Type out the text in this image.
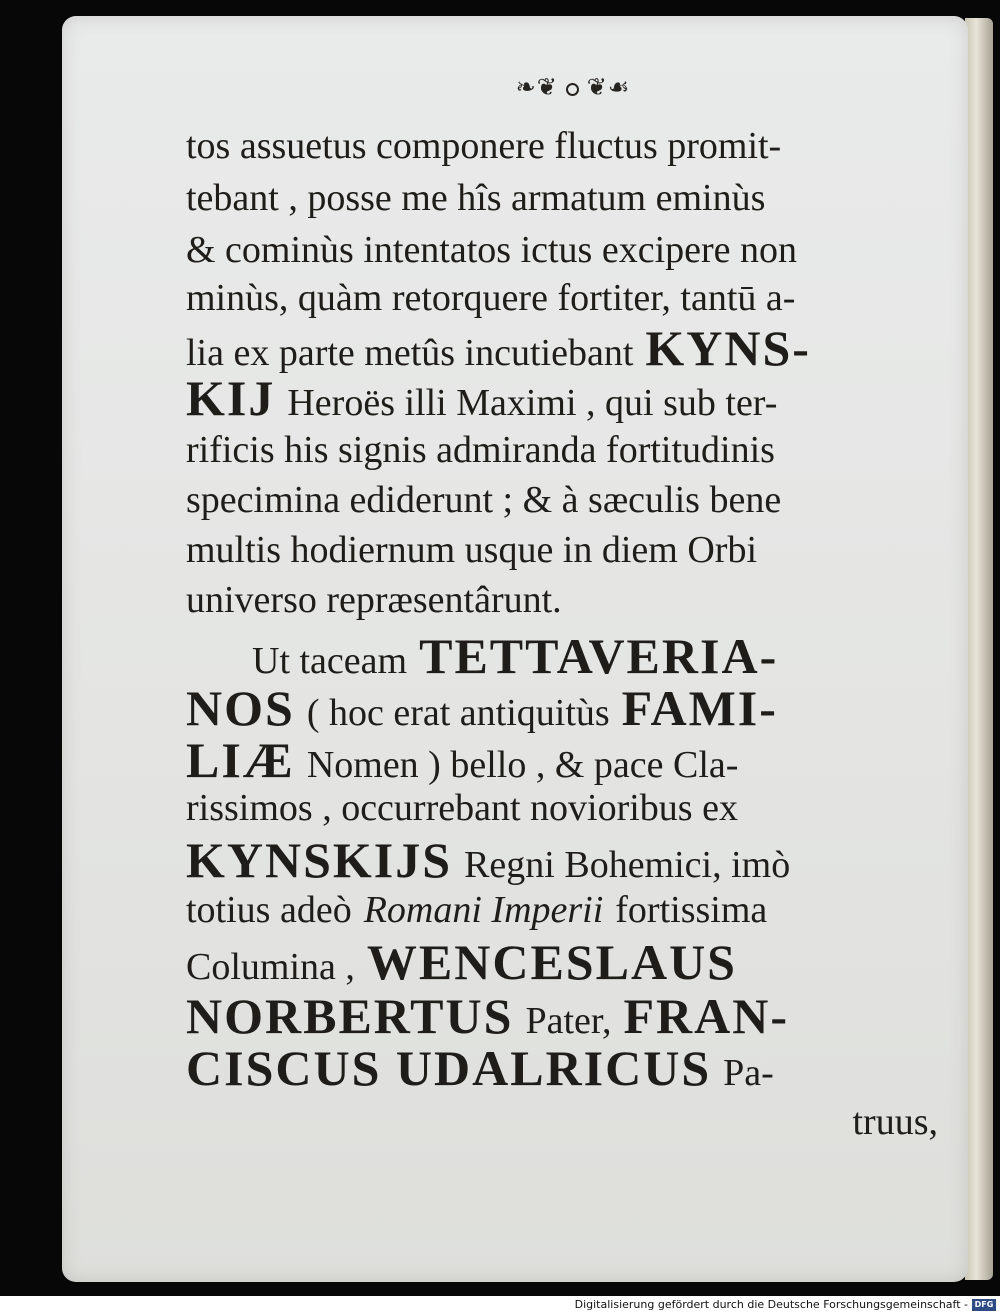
❧❦ ❦☙
tos assuetus componere fluctus promit-
tebant , posse me hîs armatum eminùs
& cominùs intentatos ictus excipere non
minùs, quàm retorquere fortiter, tantū a-
lia ex parte metûs incutiebant KYNS-
KIJ Heroës illi Maximi , qui sub ter-
rificis his signis admiranda fortitudinis
specimina ediderunt ; & à sæculis bene
multis hodiernum usque in diem Orbi
universo repræsentârunt.
Ut taceam TETTAVERIA-
NOS ( hoc erat antiquitùs FAMI-
LIÆ Nomen ) bello , & pace Cla-
rissimos , occurrebant novioribus ex
KYNSKIJS Regni Bohemici, imò
totius adeò Romani Imperii fortissima
Columina , WENCESLAUS
NORBERTUS Pater, FRAN-
CISCUS UDALRICUS Pa-
truus,
Digitalisierung gefördert durch die Deutsche Forschungsgemeinschaft - DFG
